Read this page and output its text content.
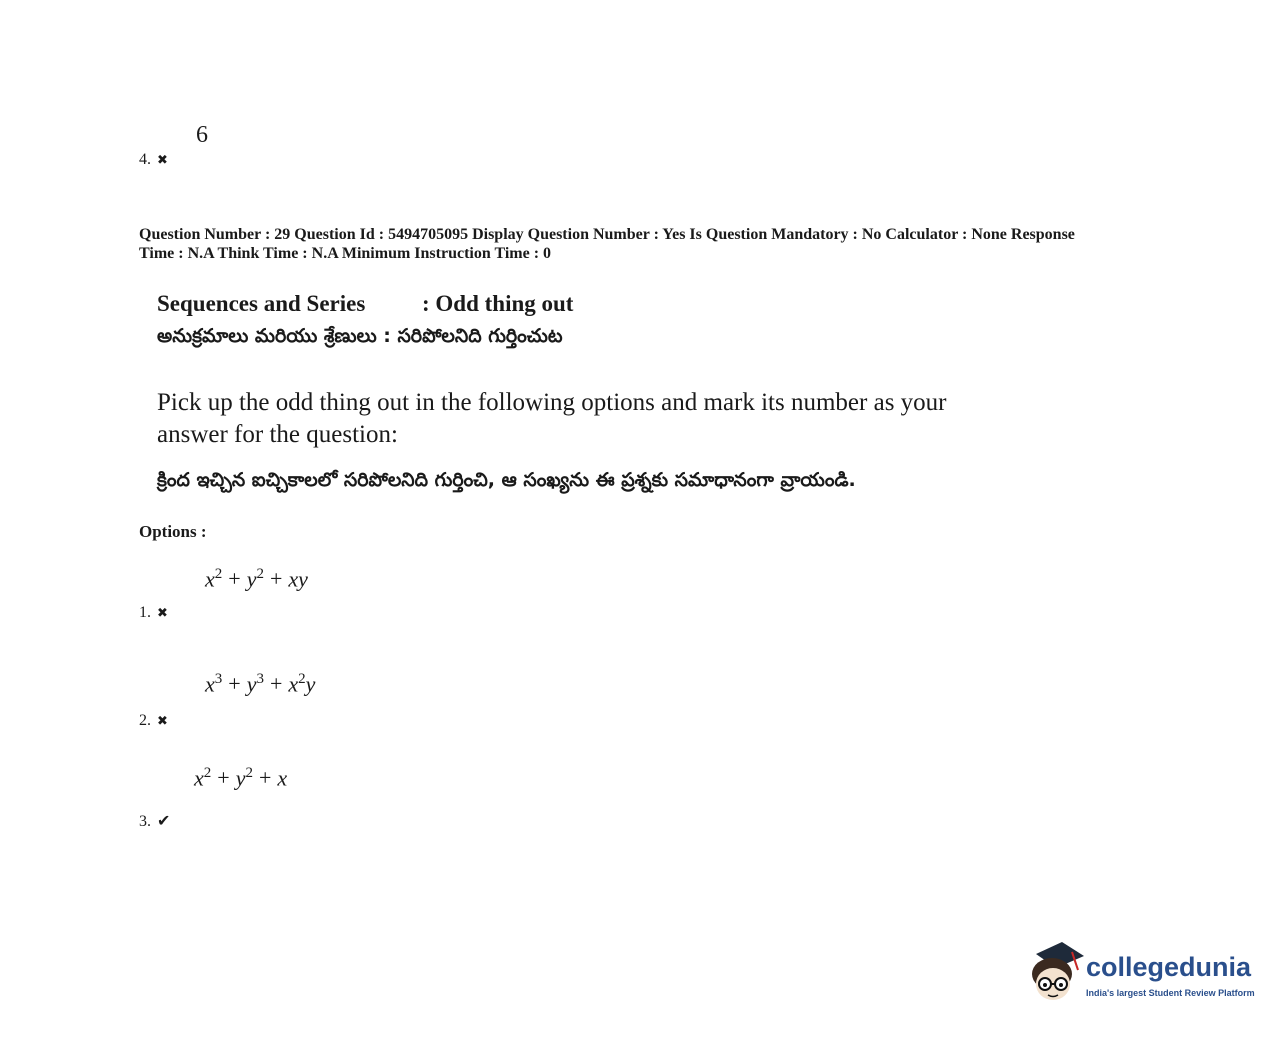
6
4. ✖
Question Number : 29 Question Id : 5494705095 Display Question Number : Yes Is Question Mandatory : No Calculator : None Response
Time : N.A Think Time : N.A Minimum Instruction Time : 0
Sequences and Series : Odd thing out
అనుక్రమాలు మరియు శ్రేణులు : సరిపోలనిది గుర్తించుట
Pick up the odd thing out in the following options and mark its number as your answer for the question:
క్రింద ఇచ్చిన ఐచ్చికాలలో సరిపోలనిది గుర్తించి, ఆ సంఖ్యను ఈ ప్రశ్నకు సమాధానంగా వ్రాయండి.
Options :
$x^2 + y^2$ + xy
1. ✖
$x^3 + y^3 + x^2y$
2. ✖
$x^2 + y^2 + x$
3. ✔
collegedunia
India's largest Student Review Platform
